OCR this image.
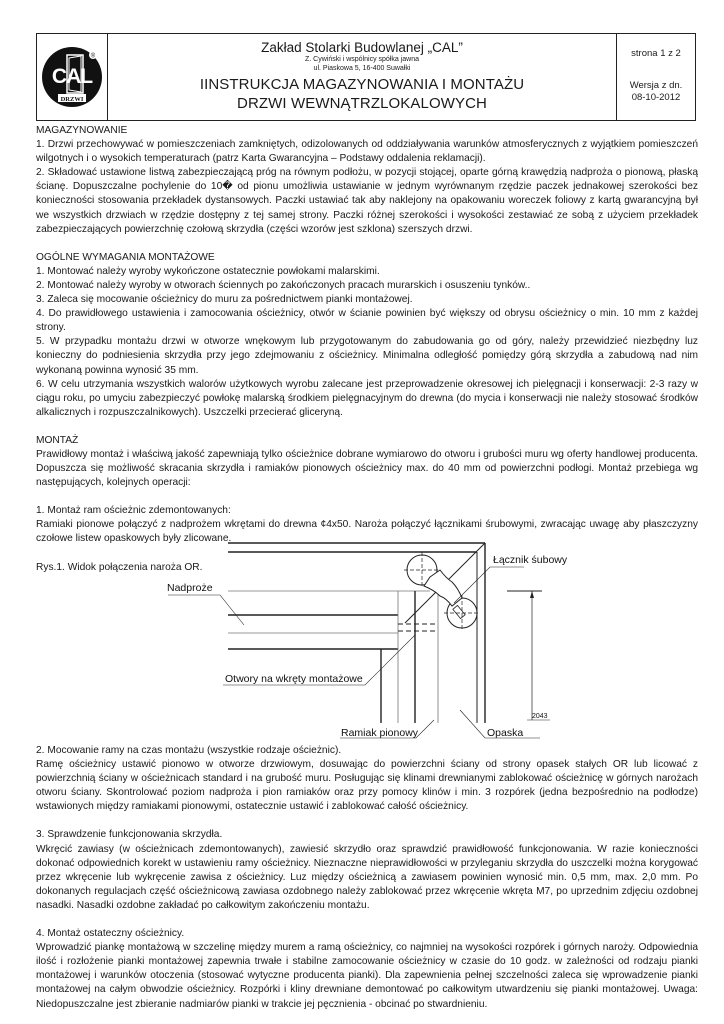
CAL
DRZWI
®
Zakład Stolarki Budowlanej „CAL”
Z. Cywiński i wspólnicy spółka jawna
ul. Piaskowa 5, 16-400 Suwałki
IINSTRUKCJA MAGAZYNOWANIA I MONTAŻU
DRZWI WEWNĄTRZLOKALOWYCH
strona 1 z 2
Wersja z dn.
08-10-2012

MAGAZYNOWANIE

1. Drzwi przechowywać w pomieszczeniach zamkniętych, odizolowanych od oddziaływania warunków atmosferycznych z wyjątkiem pomieszczeń wilgotnych i o wysokich temperaturach (patrz Karta Gwarancyjna – Podstawy oddalenia reklamacji).

2. Składować ustawione listwą zabezpieczającą próg na równym podłożu, w pozycji stojącej, oparte górną krawędzią nadproża o pionową, płaską ścianę. Dopuszczalne pochylenie do 10� od pionu umożliwia ustawianie w jednym wyrównanym rzędzie paczek jednakowej szerokości bez konieczności stosowania przekładek dystansowych. Paczki ustawiać tak aby naklejony na opakowaniu woreczek foliowy z kartą gwarancyjną był we wszystkich drzwiach w rzędzie dostępny z tej samej strony. Paczki różnej szerokości i wysokości zestawiać ze sobą z użyciem przekładek zabezpieczających powierzchnię czołową skrzydła (części wzorów jest szklona) szerszych drzwi.

OGÓLNE WYMAGANIA MONTAŻOWE

1. Montować należy wyroby wykończone ostatecznie powłokami malarskimi.

2. Montować należy wyroby w otworach ściennych po zakończonych pracach murarskich i osuszeniu tynków..

3. Zaleca się mocowanie ościeżnicy do muru za pośrednictwem pianki montażowej.

4. Do prawidłowego ustawienia i zamocowania ościeżnicy, otwór w ścianie powinien być większy od obrysu ościeżnicy o min. 10 mm z każdej strony.

5. W przypadku montażu drzwi w otworze wnękowym lub przygotowanym do zabudowania go od góry, należy przewidzieć niezbędny luz konieczny do podniesienia skrzydła przy jego zdejmowaniu z ościeżnicy. Minimalna odległość pomiędzy górą skrzydła a zabudową nad nim wykonaną powinna wynosić 35 mm.

6. W celu utrzymania wszystkich walorów użytkowych wyrobu zalecane jest przeprowadzenie okresowej ich pielęgnacji i konserwacji: 2-3 razy w ciągu roku, po umyciu zabezpieczyć powłokę malarską środkiem pielęgnacyjnym do drewna (do mycia i konserwacji nie należy stosować środków alkalicznych i rozpuszczalnikowych). Uszczelki przecierać gliceryną.

MONTAŻ

Prawidłowy montaż i właściwą jakość zapewniają tylko ościeżnice dobrane wymiarowo do otworu i grubości muru wg oferty handlowej producenta. Dopuszcza się możliwość skracania skrzydła i ramiaków pionowych ościeżnicy max. do 40 mm od powierzchni podłogi. Montaż przebiega wg następujących, kolejnych operacji:

1. Montaż ram ościeżnic zdemontowanych:

Ramiaki pionowe połączyć z nadprożem wkrętami do drewna ¢4x50. Naroża połączyć łącznikami śrubowymi, zwracając uwagę aby płaszczyzny czołowe listew opaskowych były zlicowane.

Rys.1. Widok połączenia naroża OR.

Nadproże
Łącznik śubowy
Otwory na wkręty montażowe
Ramiak pionowy	Opaska
2043

2. Mocowanie ramy na czas montażu (wszystkie rodzaje ościeżnic).

Ramę ościeżnicy ustawić pionowo w otworze drzwiowym, dosuwając do powierzchni ściany od strony opasek stałych OR lub licować z powierzchnią ściany w ościeżnicach standard i na grubość muru. Posługując się klinami drewnianymi zablokować ościeżnicę w górnych narożach otworu ściany. Skontrolować poziom nadproża i pion ramiaków oraz przy pomocy klinów i min. 3 rozpórek (jedna bezpośrednio na podłodze) wstawionych między ramiakami pionowymi, ostatecznie ustawić i zablokować całość ościeżnicy.

3. Sprawdzenie funkcjonowania skrzydła.

Wkręcić zawiasy (w ościeżnicach zdemontowanych), zawiesić skrzydło oraz sprawdzić prawidłowość funkcjonowania. W razie konieczności dokonać odpowiednich korekt w ustawieniu ramy ościeżnicy. Nieznaczne nieprawidłowości w przyleganiu skrzydła do uszczelki można korygować przez wkręcenie lub wykręcenie zawisa z ościeżnicy. Luz między ościeżnicą a zawiasem powinien wynosić min. 0,5 mm, max. 2,0 mm. Po dokonanych regulacjach część ościeżnicową zawiasa ozdobnego należy zablokować przez wkręcenie wkręta M7, po uprzednim zdjęciu ozdobnej nasadki. Nasadki ozdobne zakładać po całkowitym zakończeniu montażu.

4. Montaż ostateczny ościeżnicy.

Wprowadzić piankę montażową w szczelinę między murem a ramą ościeżnicy, co najmniej na wysokości rozpórek i górnych naroży. Odpowiednia ilość i rozłożenie pianki montażowej zapewnia trwałe i stabilne zamocowanie ościeżnicy w czasie do 10 godz. w zależności od rodzaju pianki montażowej i warunków otoczenia (stosować wytyczne producenta pianki). Dla zapewnienia pełnej szczelności zaleca się wprowadzenie pianki montażowej na całym obwodzie ościeżnicy. Rozpórki i kliny drewniane demontować po całkowitym utwardzeniu się pianki montażowej. Uwaga: Niedopuszczalne jest zbieranie nadmiarów pianki w trakcie jej pęcznienia - obcinać po stwardnieniu.
